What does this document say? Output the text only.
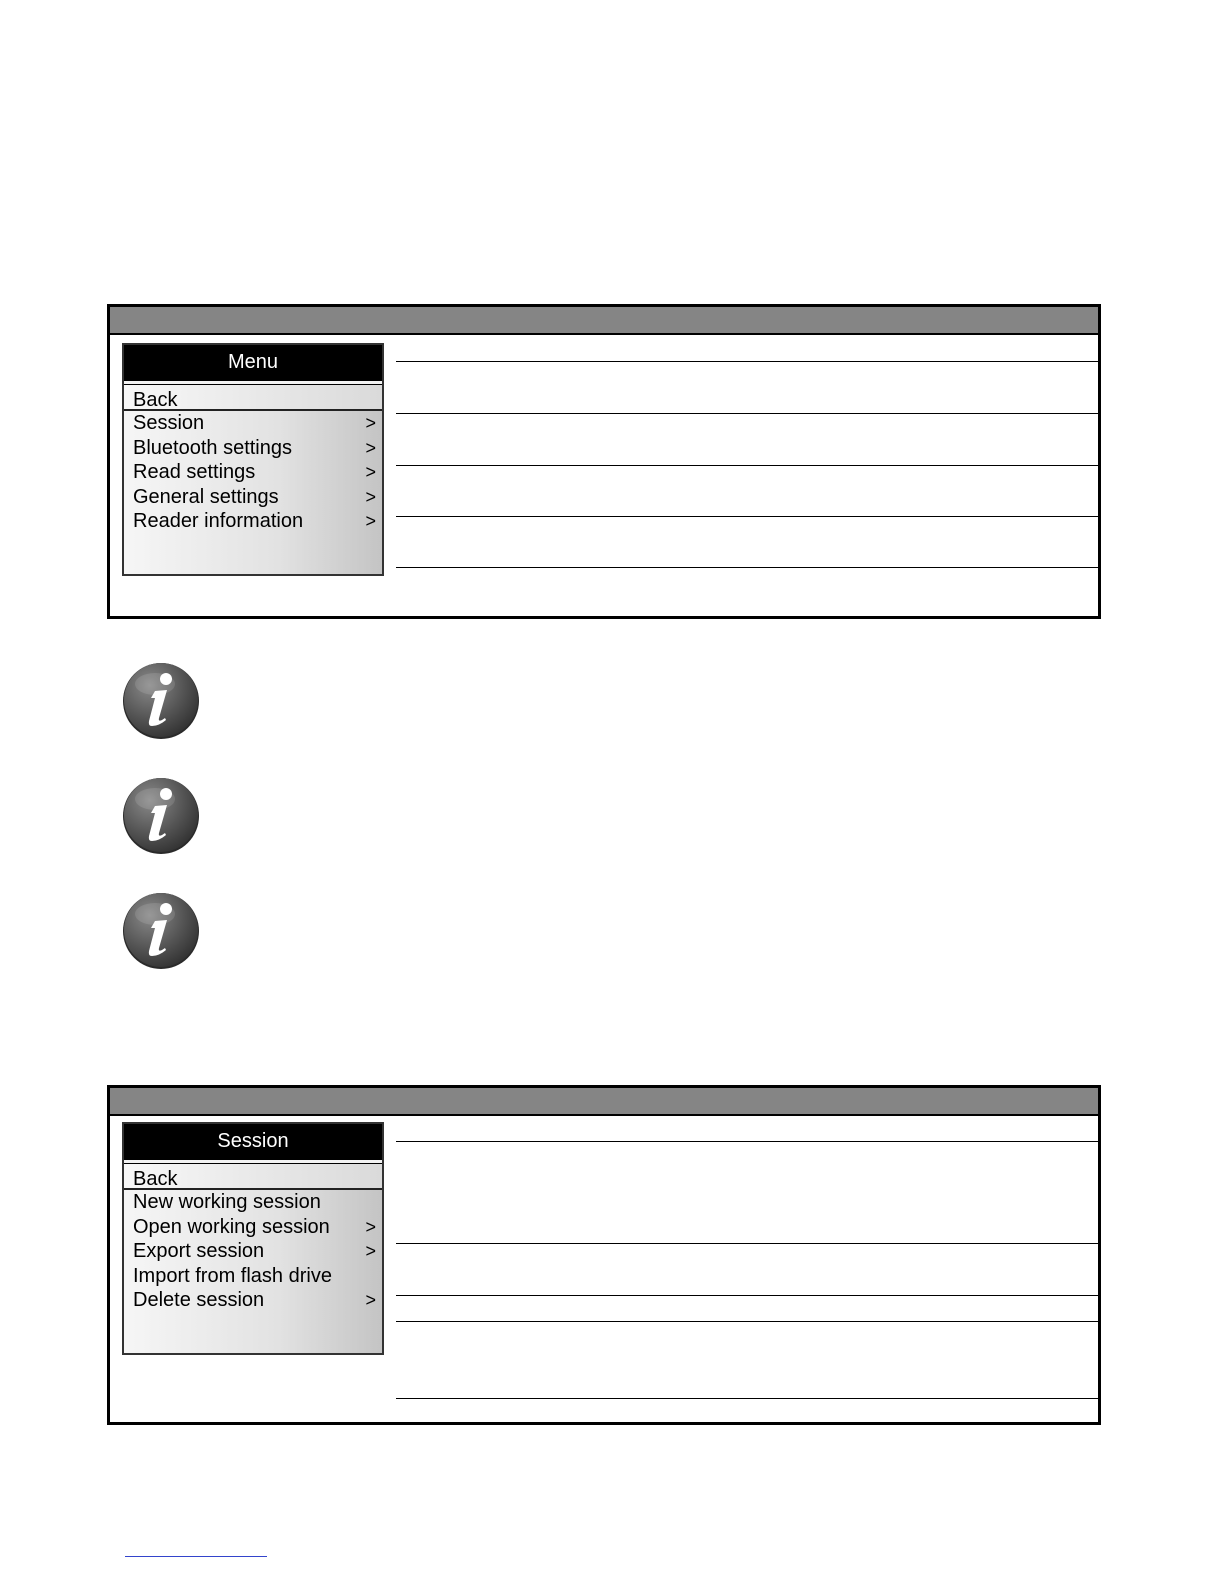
Menu
Back
Session	>
Bluetooth settings	>
Read settings	>
General settings	>
Reader information	>
Session
Back
New working session
Open working session >
Export session	>
Import from flash drive
Delete session	>
